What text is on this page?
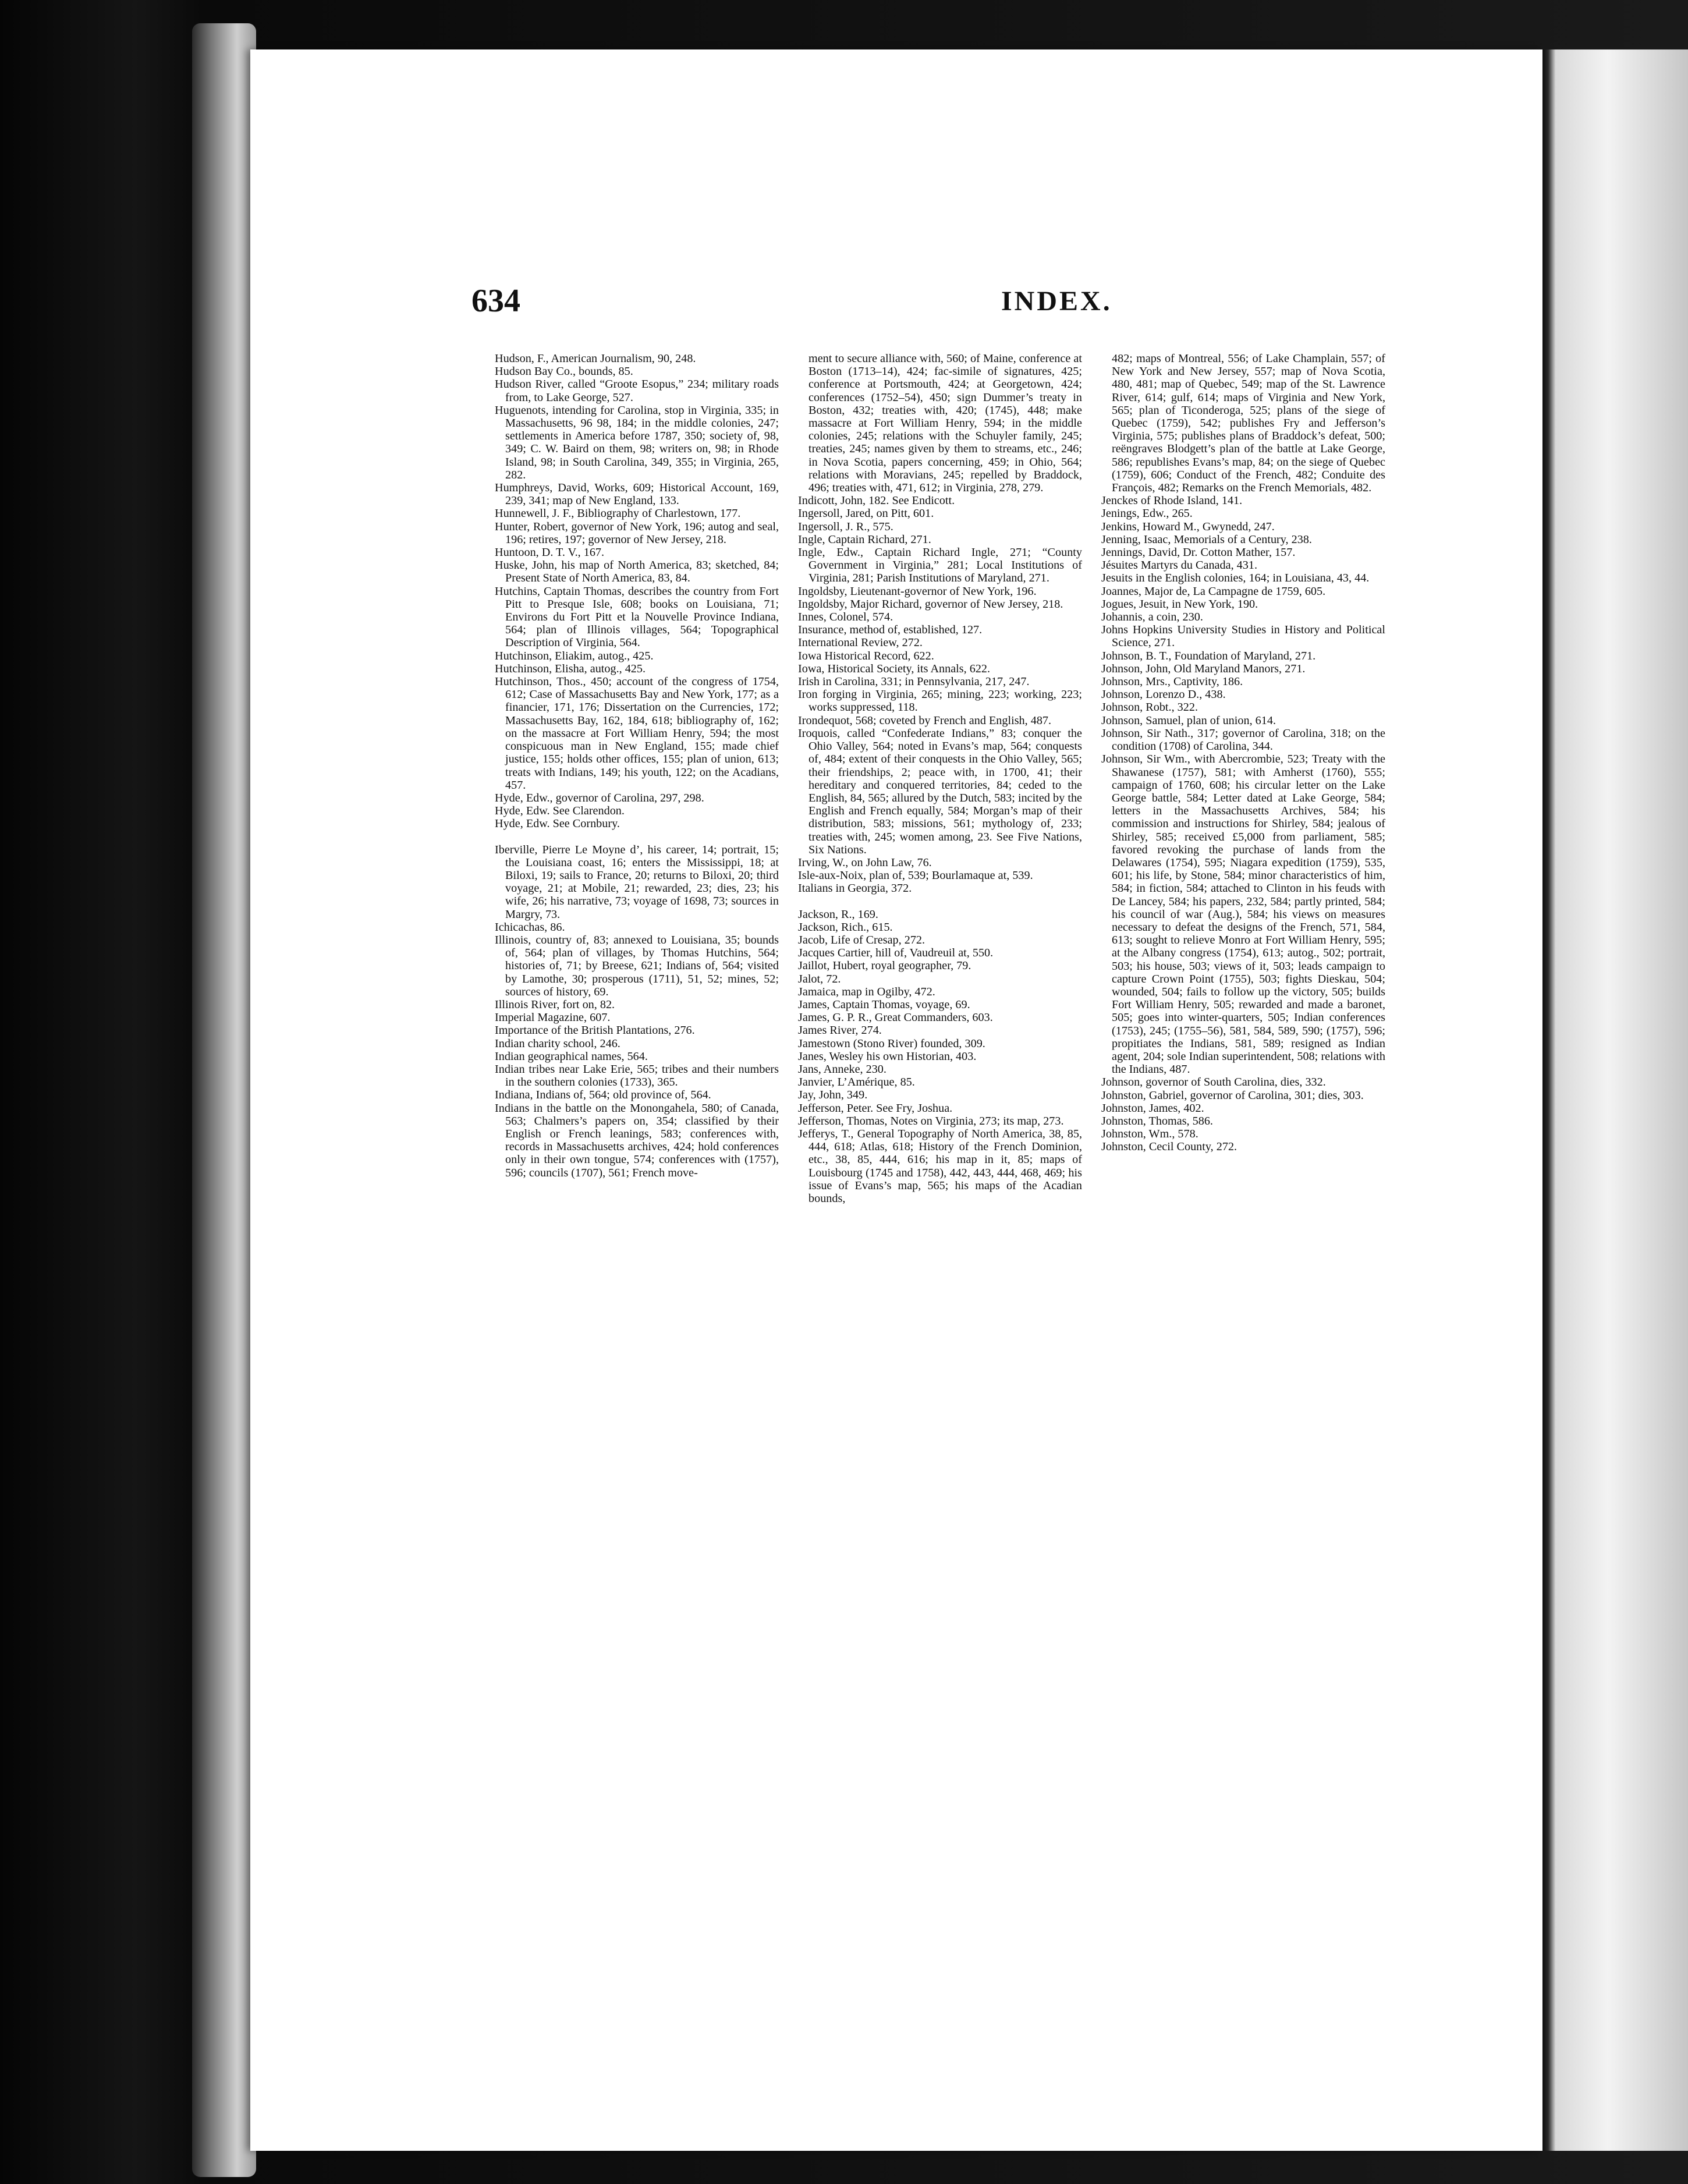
634	INDEX.
Hudson, F., American Journalism, 90, 248.
Hudson Bay Co., bounds, 85.
Hudson River, called “Groote Esopus,” 234; military roads from, to Lake George, 527.
Huguenots, intending for Carolina, stop in Virginia, 335; in Massachusetts, 96 98, 184; in the middle colonies, 247; settlements in America before 1787, 350; society of, 98, 349; C. W. Baird on them, 98; writers on, 98; in Rhode Island, 98; in South Carolina, 349, 355; in Virginia, 265, 282.
Humphreys, David, Works, 609; Historical Account, 169, 239, 341; map of New England, 133.
Hunnewell, J. F., Bibliography of Charlestown, 177.
Hunter, Robert, governor of New York, 196; autog and seal, 196; retires, 197; governor of New Jersey, 218.
Huntoon, D. T. V., 167.
Huske, John, his map of North America, 83; sketched, 84; Present State of North America, 83, 84.
Hutchins, Captain Thomas, describes the country from Fort Pitt to Presque Isle, 608; books on Louisiana, 71; Environs du Fort Pitt et la Nouvelle Province Indiana, 564; plan of Illinois villages, 564; Topographical Description of Virginia, 564.
Hutchinson, Eliakim, autog., 425.
Hutchinson, Elisha, autog., 425.
Hutchinson, Thos., 450; account of the congress of 1754, 612; Case of Massachusetts Bay and New York, 177; as a financier, 171, 176; Dissertation on the Currencies, 172; Massachusetts Bay, 162, 184, 618; bibliography of, 162; on the massacre at Fort William Henry, 594; the most conspicuous man in New England, 155; made chief justice, 155; holds other offices, 155; plan of union, 613; treats with Indians, 149; his youth, 122; on the Acadians, 457.
Hyde, Edw., governor of Carolina, 297, 298.
Hyde, Edw. See Clarendon.
Hyde, Edw. See Cornbury.
Iberville, Pierre Le Moyne d’, his career, 14; portrait, 15; the Louisiana coast, 16; enters the Mississippi, 18; at Biloxi, 19; sails to France, 20; returns to Biloxi, 20; third voyage, 21; at Mobile, 21; rewarded, 23; dies, 23; his wife, 26; his narrative, 73; voyage of 1698, 73; sources in Margry, 73.
Ichicachas, 86.
Illinois, country of, 83; annexed to Louisiana, 35; bounds of, 564; plan of villages, by Thomas Hutchins, 564; histories of, 71; by Breese, 621; Indians of, 564; visited by Lamothe, 30; prosperous (1711), 51, 52; mines, 52; sources of history, 69.
Illinois River, fort on, 82.
Imperial Magazine, 607.
Importance of the British Plantations, 276.
Indian charity school, 246.
Indian geographical names, 564.
Indian tribes near Lake Erie, 565; tribes and their numbers in the southern colonies (1733), 365.
Indiana, Indians of, 564; old province of, 564.
Indians in the battle on the Monongahela, 580; of Canada, 563; Chalmers’s papers on, 354; classified by their English or French leanings, 583; conferences with, records in Massachusetts archives, 424; hold conferences only in their own tongue, 574; conferences with (1757), 596; councils (1707), 561; French move-
ment to secure alliance with, 560; of Maine, conference at Boston (1713–14), 424; fac-simile of signatures, 425; conference at Portsmouth, 424; at Georgetown, 424; conferences (1752–54), 450; sign Dummer’s treaty in Boston, 432; treaties with, 420; (1745), 448; make massacre at Fort William Henry, 594; in the middle colonies, 245; relations with the Schuyler family, 245; treaties, 245; names given by them to streams, etc., 246; in Nova Scotia, papers concerning, 459; in Ohio, 564; relations with Moravians, 245; repelled by Braddock, 496; treaties with, 471, 612; in Virginia, 278, 279.
Indicott, John, 182. See Endicott.
Ingersoll, Jared, on Pitt, 601.
Ingersoll, J. R., 575.
Ingle, Captain Richard, 271.
Ingle, Edw., Captain Richard Ingle, 271; “County Government in Virginia,” 281; Local Institutions of Virginia, 281; Parish Institutions of Maryland, 271.
Ingoldsby, Lieutenant-governor of New York, 196.
Ingoldsby, Major Richard, governor of New Jersey, 218.
Innes, Colonel, 574.
Insurance, method of, established, 127.
International Review, 272.
Iowa Historical Record, 622.
Iowa, Historical Society, its Annals, 622.
Irish in Carolina, 331; in Pennsylvania, 217, 247.
Iron forging in Virginia, 265; mining, 223; working, 223; works suppressed, 118.
Irondequot, 568; coveted by French and English, 487.
Iroquois, called “Confederate Indians,” 83; conquer the Ohio Valley, 564; noted in Evans’s map, 564; conquests of, 484; extent of their conquests in the Ohio Valley, 565; their friendships, 2; peace with, in 1700, 41; their hereditary and conquered territories, 84; ceded to the English, 84, 565; allured by the Dutch, 583; incited by the English and French equally, 584; Morgan’s map of their distribution, 583; missions, 561; mythology of, 233; treaties with, 245; women among, 23. See Five Nations, Six Nations.
Irving, W., on John Law, 76.
Isle-aux-Noix, plan of, 539; Bourlamaque at, 539.
Italians in Georgia, 372.
Jackson, R., 169.
Jackson, Rich., 615.
Jacob, Life of Cresap, 272.
Jacques Cartier, hill of, Vaudreuil at, 550.
Jaillot, Hubert, royal geographer, 79.
Jalot, 72.
Jamaica, map in Ogilby, 472.
James, Captain Thomas, voyage, 69.
James, G. P. R., Great Commanders, 603.
James River, 274.
Jamestown (Stono River) founded, 309.
Janes, Wesley his own Historian, 403.
Jans, Anneke, 230.
Janvier, L’Amérique, 85.
Jay, John, 349.
Jefferson, Peter. See Fry, Joshua.
Jefferson, Thomas, Notes on Virginia, 273; its map, 273.
Jefferys, T., General Topography of North America, 38, 85, 444, 618; Atlas, 618; History of the French Dominion, etc., 38, 85, 444, 616; his map in it, 85; maps of Louisbourg (1745 and 1758), 442, 443, 444, 468, 469; his issue of Evans’s map, 565; his maps of the Acadian bounds,
482; maps of Montreal, 556; of Lake Champlain, 557; of New York and New Jersey, 557; map of Nova Scotia, 480, 481; map of Quebec, 549; map of the St. Lawrence River, 614; gulf, 614; maps of Virginia and New York, 565; plan of Ticonderoga, 525; plans of the siege of Quebec (1759), 542; publishes Fry and Jefferson’s Virginia, 575; publishes plans of Braddock’s defeat, 500; reëngraves Blodgett’s plan of the battle at Lake George, 586; republishes Evans’s map, 84; on the siege of Quebec (1759), 606; Conduct of the French, 482; Conduite des François, 482; Remarks on the French Memorials, 482.
Jenckes of Rhode Island, 141.
Jenings, Edw., 265.
Jenkins, Howard M., Gwynedd, 247.
Jenning, Isaac, Memorials of a Century, 238.
Jennings, David, Dr. Cotton Mather, 157.
Jésuites Martyrs du Canada, 431.
Jesuits in the English colonies, 164; in Louisiana, 43, 44.
Joannes, Major de, La Campagne de 1759, 605.
Jogues, Jesuit, in New York, 190.
Johannis, a coin, 230.
Johns Hopkins University Studies in History and Political Science, 271.
Johnson, B. T., Foundation of Maryland, 271.
Johnson, John, Old Maryland Manors, 271.
Johnson, Mrs., Captivity, 186.
Johnson, Lorenzo D., 438.
Johnson, Robt., 322.
Johnson, Samuel, plan of union, 614.
Johnson, Sir Nath., 317; governor of Carolina, 318; on the condition (1708) of Carolina, 344.
Johnson, Sir Wm., with Abercrombie, 523; Treaty with the Shawanese (1757), 581; with Amherst (1760), 555; campaign of 1760, 608; his circular letter on the Lake George battle, 584; Letter dated at Lake George, 584; letters in the Massachusetts Archives, 584; his commission and instructions for Shirley, 584; jealous of Shirley, 585; received £5,000 from parliament, 585; favored revoking the purchase of lands from the Delawares (1754), 595; Niagara expedition (1759), 535, 601; his life, by Stone, 584; minor characteristics of him, 584; in fiction, 584; attached to Clinton in his feuds with De Lancey, 584; his papers, 232, 584; partly printed, 584; his council of war (Aug.), 584; his views on measures necessary to defeat the designs of the French, 571, 584, 613; sought to relieve Monro at Fort William Henry, 595; at the Albany congress (1754), 613; autog., 502; portrait, 503; his house, 503; views of it, 503; leads campaign to capture Crown Point (1755), 503; fights Dieskau, 504; wounded, 504; fails to follow up the victory, 505; builds Fort William Henry, 505; rewarded and made a baronet, 505; goes into winter-quarters, 505; Indian conferences (1753), 245; (1755–56), 581, 584, 589, 590; (1757), 596; propitiates the Indians, 581, 589; resigned as Indian agent, 204; sole Indian superintendent, 508; relations with the Indians, 487.
Johnson, governor of South Carolina, dies, 332.
Johnston, Gabriel, governor of Carolina, 301; dies, 303.
Johnston, James, 402.
Johnston, Thomas, 586.
Johnston, Wm., 578.
Johnston, Cecil County, 272.
